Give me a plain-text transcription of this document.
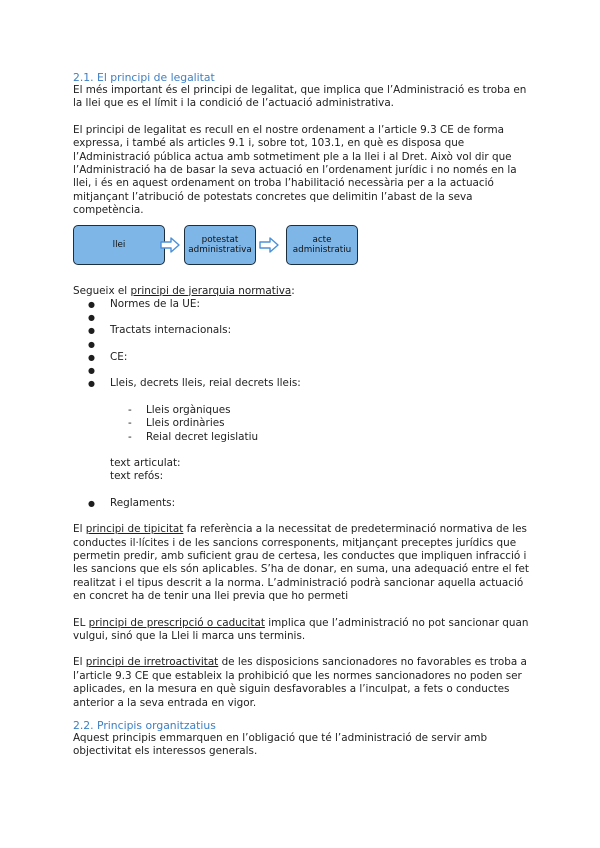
2.1. El principi de legalitat

El més important és el principi de legalitat, que implica que l’Administració es troba en la llei que es el límit i la condició de l’actuació administrativa.

El principi de legalitat es recull en el nostre ordenament a l’article 9.3 CE de forma expressa, i també als articles 9.1 i, sobre tot, 103.1, en què es disposa que l’Administració pública actua amb sotmetiment ple a la llei i al Dret. Això vol dir que l’Administració ha de basar la seva actuació en l’ordenament jurídic i no només en la llei, i és en aquest ordenament on troba l’habilitació necessària per a la actuació mitjançant l’atribució de potestats concretes que delimitin l’abast de la seva competència.

llei	potestat
administrativa
acte
administratiu

Segueix el principi de jerarquia normativa:

● Normes de la UE:
●
● Tractats internacionals:
●
● CE:
●
● Lleis, decrets lleis, reial decrets lleis:
- Lleis orgàniques
- Lleis ordinàries
- Reial decret legislatiu

text articulat:

text refós:

● Reglaments:

El principi de tipicitat fa referència a la necessitat de predeterminació normativa de les conductes il·lícites i de les sancions corresponents, mitjançant preceptes jurídics que permetin predir, amb suficient grau de certesa, les conductes que impliquen infracció i les sancions que els són aplicables. S’ha de donar, en suma, una adequació entre el fet realitzat i el tipus descrit a la norma. L’administració podrà sancionar aquella actuació en concret ha de tenir una llei previa que ho permeti

EL principi de prescripció o caducitat implica que l’administració no pot sancionar quan vulgui, sinó que la Llei li marca uns terminis.

El principi de irretroactivitat de les disposicions sancionadores no favorables es troba a l’article 9.3 CE que estableix la prohibició que les normes sancionadores no poden ser aplicades, en la mesura en què siguin desfavorables a l’inculpat, a fets o conductes anterior a la seva entrada en vigor.

2.2. Principis organitzatius

Aquest principis emmarquen en l’obligació que té l’administració de servir amb objectivitat els interessos generals.
